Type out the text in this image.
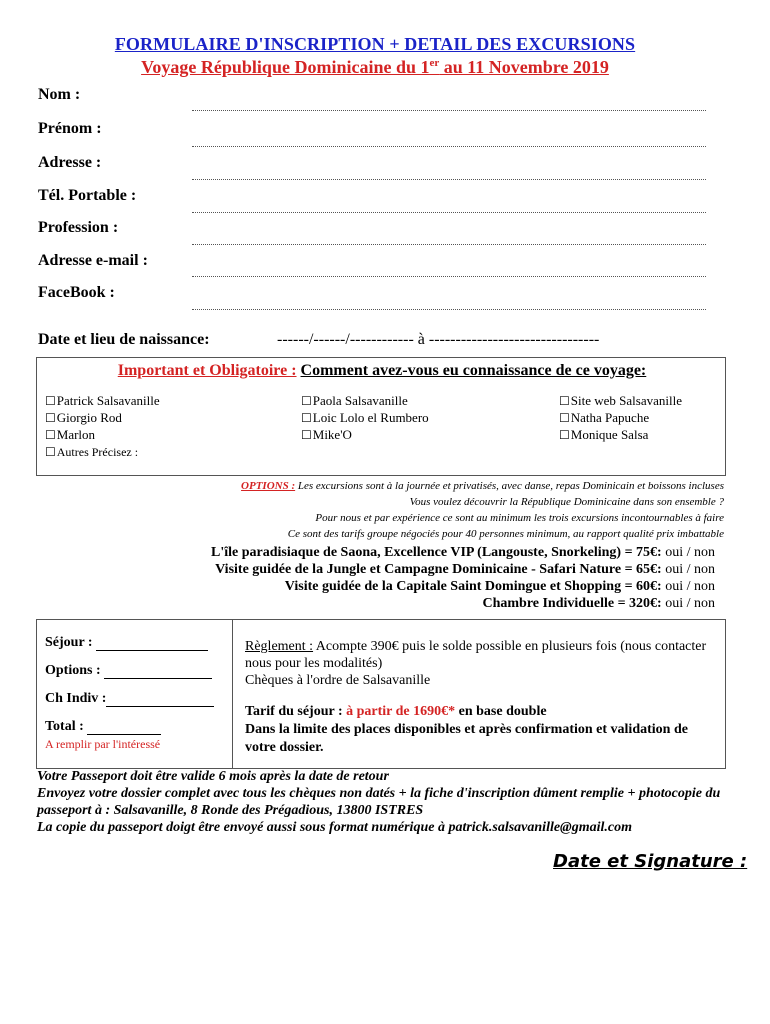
FORMULAIRE D'INSCRIPTION + DETAIL DES EXCURSIONS
Voyage République Dominicaine du 1er au 11 Novembre 2019
Nom :
Prénom :
Adresse :
Tél. Portable :
Profession :
Adresse e-mail :
FaceBook :
Date et lieu de naissance:	------/------/------------ à --------------------------------
Important et Obligatoire : Comment avez-vous eu connaissance de ce voyage:
☐Patrick Salsavanille	☐Paola Salsavanille	☐Site web Salsavanille
☐Giorgio Rod	☐Loic Lolo el Rumbero	☐Natha Papuche
☐Marlon	☐Mike'O	☐Monique Salsa
☐Autres Précisez :
OPTIONS : Les excursions sont à la journée et privatisés, avec danse, repas Dominicain et boissons incluses
Vous voulez découvrir la République Dominicaine dans son ensemble ?
Pour nous et par expérience ce sont au minimum les trois excursions incontournables à faire
Ce sont des tarifs groupe négociés pour 40 personnes minimum, au rapport qualité prix imbattable
L'île paradisiaque de Saona, Excellence VIP (Langouste, Snorkeling) = 75€: oui / non
Visite guidée de la Jungle et Campagne Dominicaine - Safari Nature = 65€: oui / non
Visite guidée de la Capitale Saint Domingue et Shopping = 60€: oui / non
Chambre Individuelle = 320€: oui / non
Séjour :
Options :
Ch Indiv :
Total :
A remplir par l'intéressé
Règlement : Acompte 390€ puis le solde possible en plusieurs fois (nous contacter nous pour les modalités)
Chèques à l'ordre de Salsavanille
Tarif du séjour : à partir de 1690€* en base double
Dans la limite des places disponibles et après confirmation et validation de votre dossier.
Votre Passeport doit être valide 6 mois après la date de retour
Envoyez votre dossier complet avec tous les chèques non datés + la fiche d'inscription dûment remplie + photocopie du passeport à : Salsavanille, 8 Ronde des Prégadious, 13800 ISTRES
La copie du passeport doigt être envoyé aussi sous format numérique à patrick.salsavanille@gmail.com
Date et Signature :
